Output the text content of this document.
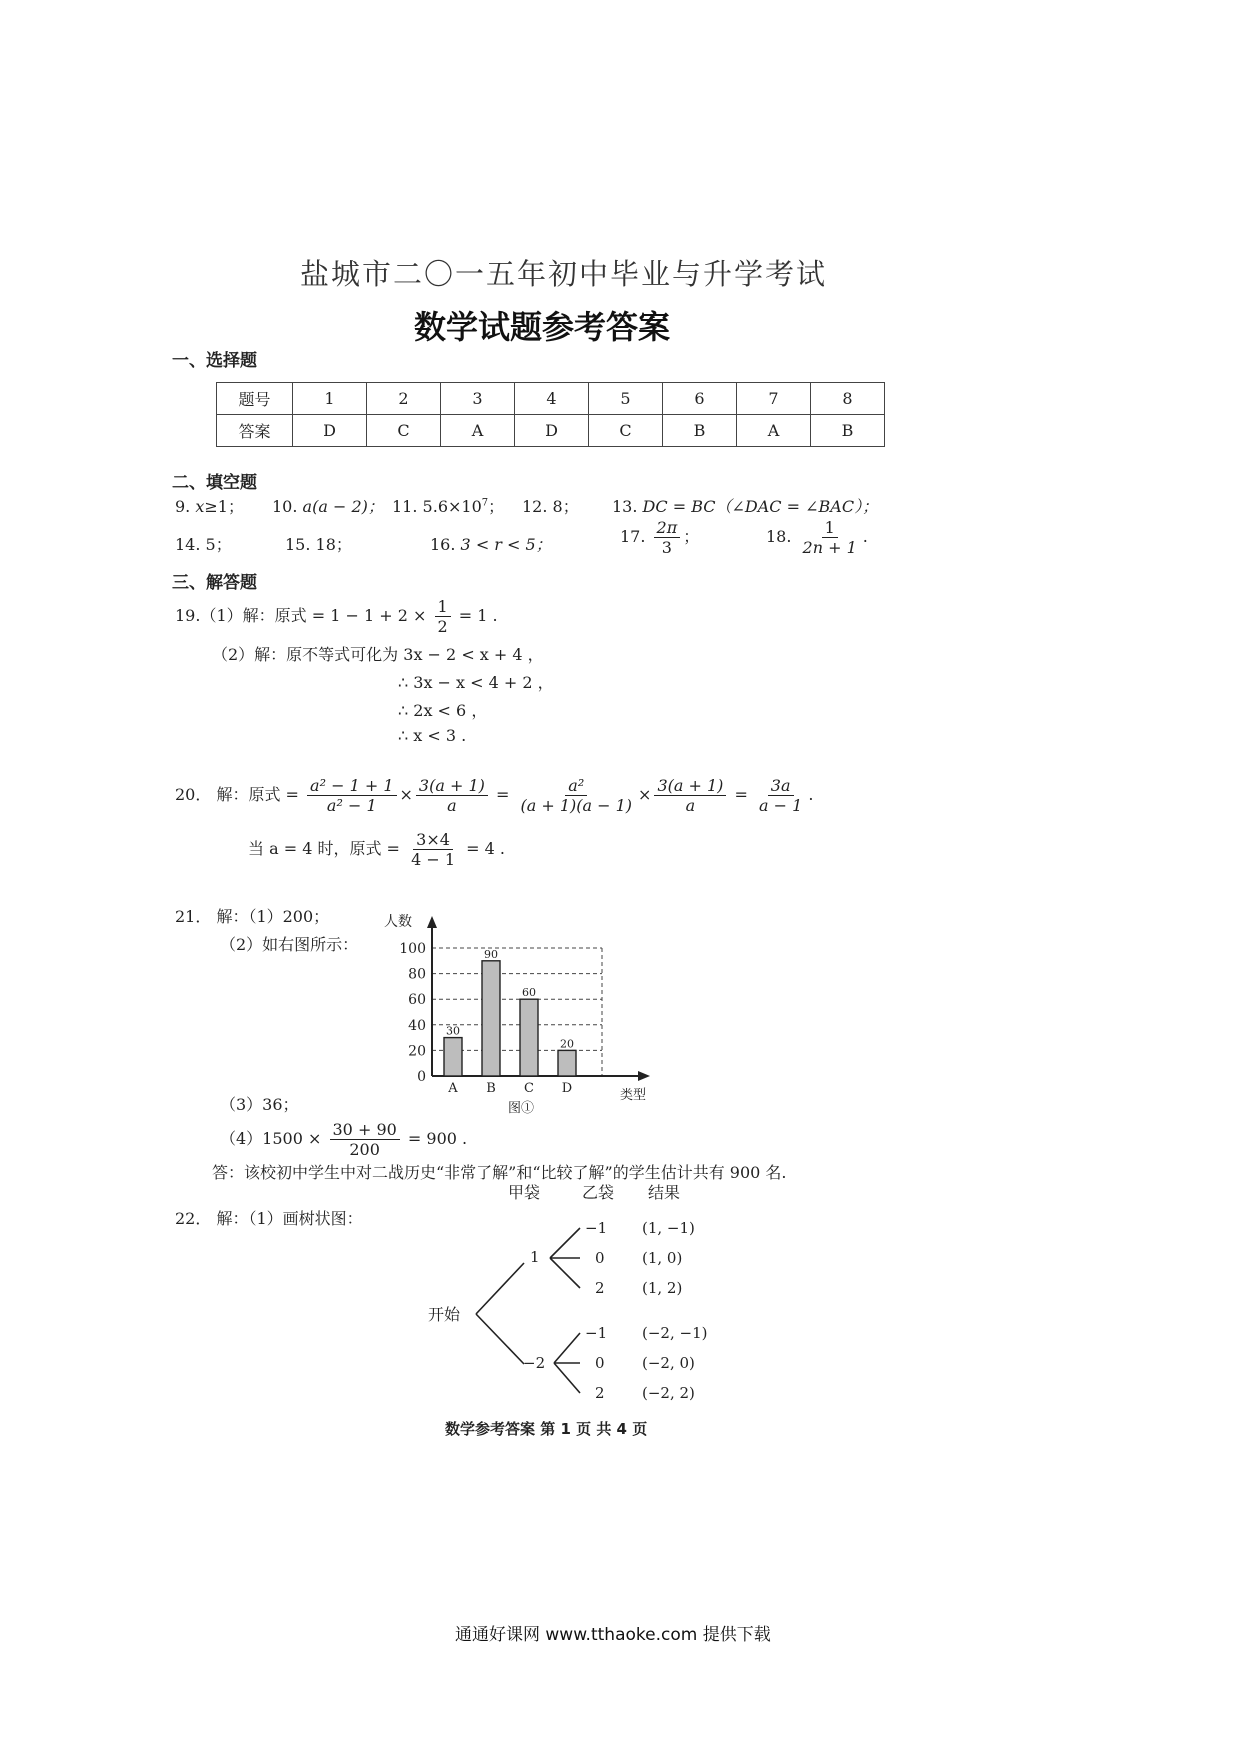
盐城市二〇一五年初中毕业与升学考试
数学试题参考答案
一、选择题
题号	1	2	3	4	5	6	7	8
答案	D	C	A	D	C	B	A	B
二、填空题
9. x≥1； 10. a(a − 2)； 11. $5.6\times 10^7$； 12. 8； 13. DC = BC（∠DAC = ∠BAC）；
14. 5；	15. 18；	16. 3 < r < 5；	17. $\frac{2\pi}{3}$ ；	18. $\frac{1}{2n + 1}$ .
三、解答题
19.（1）解：原式 = $1 - 1 + 2 \times \frac{1}{2} = 1$ .
（2）解：原不等式可化为 3x − 2 < x + 4 ，
∴ 3x − x < 4 + 2 ，
∴ 2x < 6 ，
∴ x < 3 .
20． 解：原式 = $\frac{\text{a² − 1 + 1}}{\text{a² − 1}} \times \frac{3(a + 1)}{a} = \frac{\text{a²}}{(a + 1)(a - 1)} \times \frac{3(a + 1)}{a} = \frac{3a}{a - 1}$ .
当 a = 4 时，原式 = $\frac{3\times 4}{4 - 1} = 4$ .
21． 解：（1）200；
（2）如右图所示：
0
20
40
60
80
100
30
A
90
B
60
C
20
D
人数
类型
图①
（3）36；
$(4)1500 \times \frac{30 + 90}{200} = 900$ .
答：该校初中学生中对二战历史“非常了解”和“比较了解”的学生估计共有 900 名.
22． 解：（1）画树状图：
甲袋	乙袋 结果
开始
1
−2
−1
0
2
−1
0
2
(1, −1)
(1, 0)
(1, 2)
(−2, −1)
(−2, 0)
(−2, 2)
数学参考答案 第 1 页 共 4 页
通通好课网 www.tthaoke.com 提供下载
